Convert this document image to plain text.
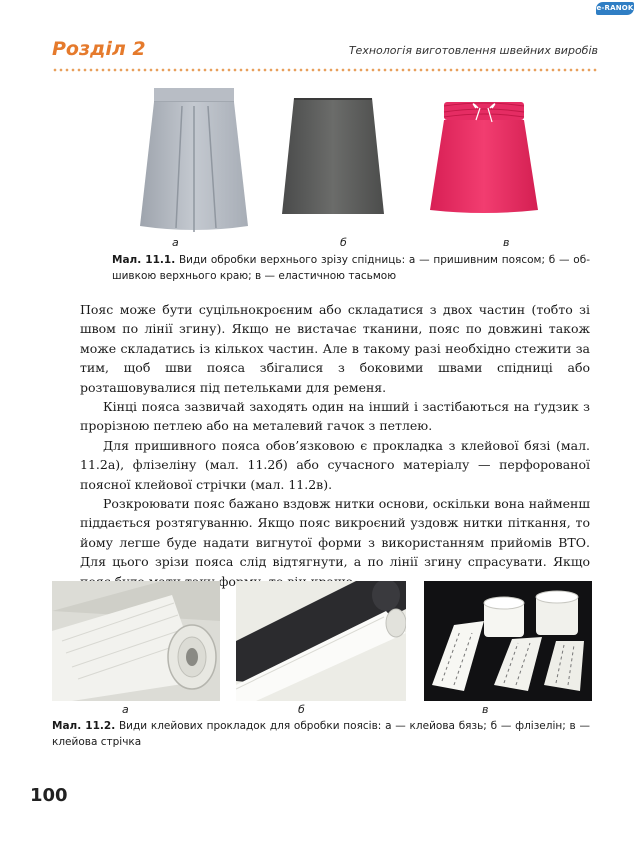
e-RANOK
Розділ 2	Технологія виготовлення швейних виробів
а	б	в
Мал. 11.1. Види обробки верхнього зрізу спідниць: а — пришивним поясом; б — обшивкою верхнього краю; в — еластичною тасьмою

Пояс може бути суцільнокроєним або складатися з двох частин (тобто зі швом по лінії згину). Якщо не вистачає тканини, пояс по довжині також може складатись із кількох частин. Але в такому разі необхідно стежити за тим, щоб шви пояса збігалися з боковими швами спідниці або розташовувалися під петельками для ременя.

Кінці пояса зазвичай заходять один на інший і застібаються на ґудзик з прорізною петлею або на металевий гачок з петлею.

Для пришивного пояса обов’язковою є прокладка з клейової бязі (мал. 11.2а), флізеліну (мал. 11.2б) або сучасного матеріалу — перфорованої поясної клейової стрічки (мал. 11.2в).

Розкроювати пояс бажано вздовж нитки основи, оскільки вона найменш піддається розтягуванню. Якщо пояс викроєний уздовж нитки піткання, то йому легше буде надати вигнутої форми з використанням прийомів ВТО. Для цього зрізи пояса слід відтягнути, а по лінії згину спрасувати. Якщо

а	б	в
Мал. 11.2. Види клейових прокладок для обробки поясів: а — клейова бязь; б — флізелін; в — клейова стрічка
100
